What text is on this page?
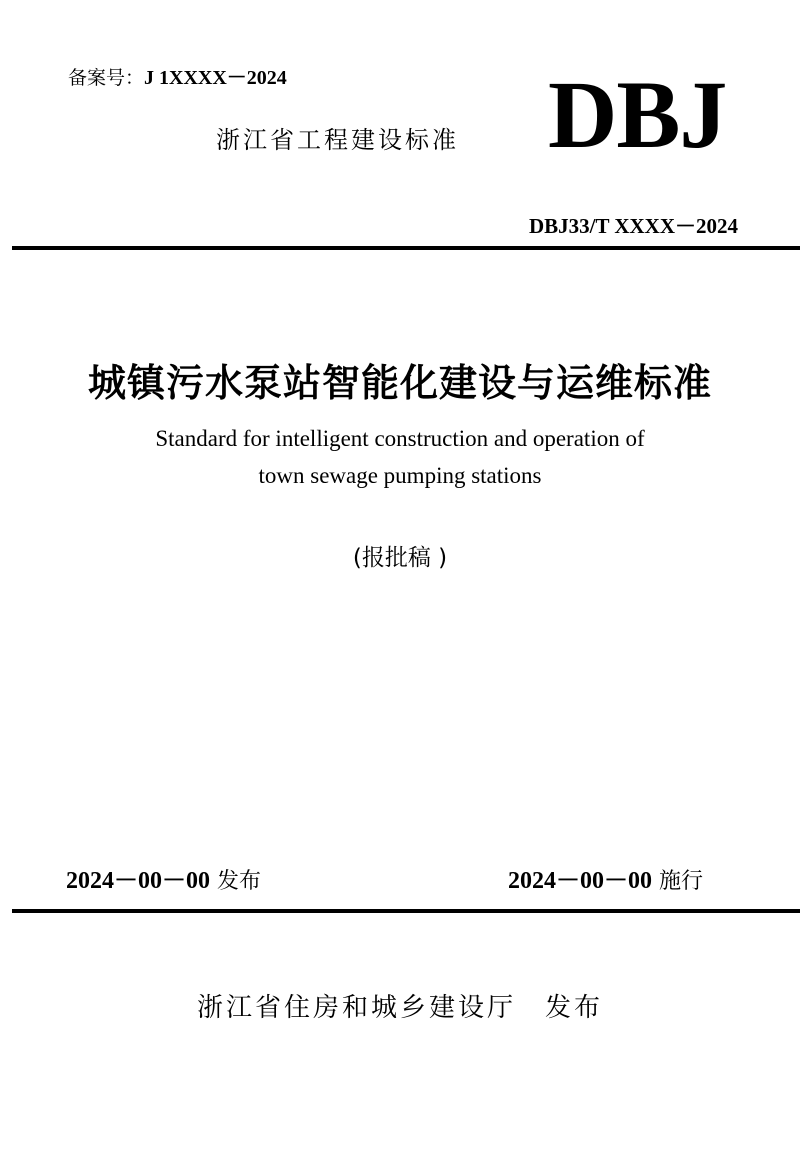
备案号：J 1XXXX－2024
浙江省工程建设标准 DBJ
DBJ33/T XXXX－2024
城镇污水泵站智能化建设与运维标准
Standard for intelligent construction and operation of
town sewage pumping stations
(报批稿 )
2024－00－00 发布	2024－00－00 施行
浙江省住房和城乡建设厅　发布
